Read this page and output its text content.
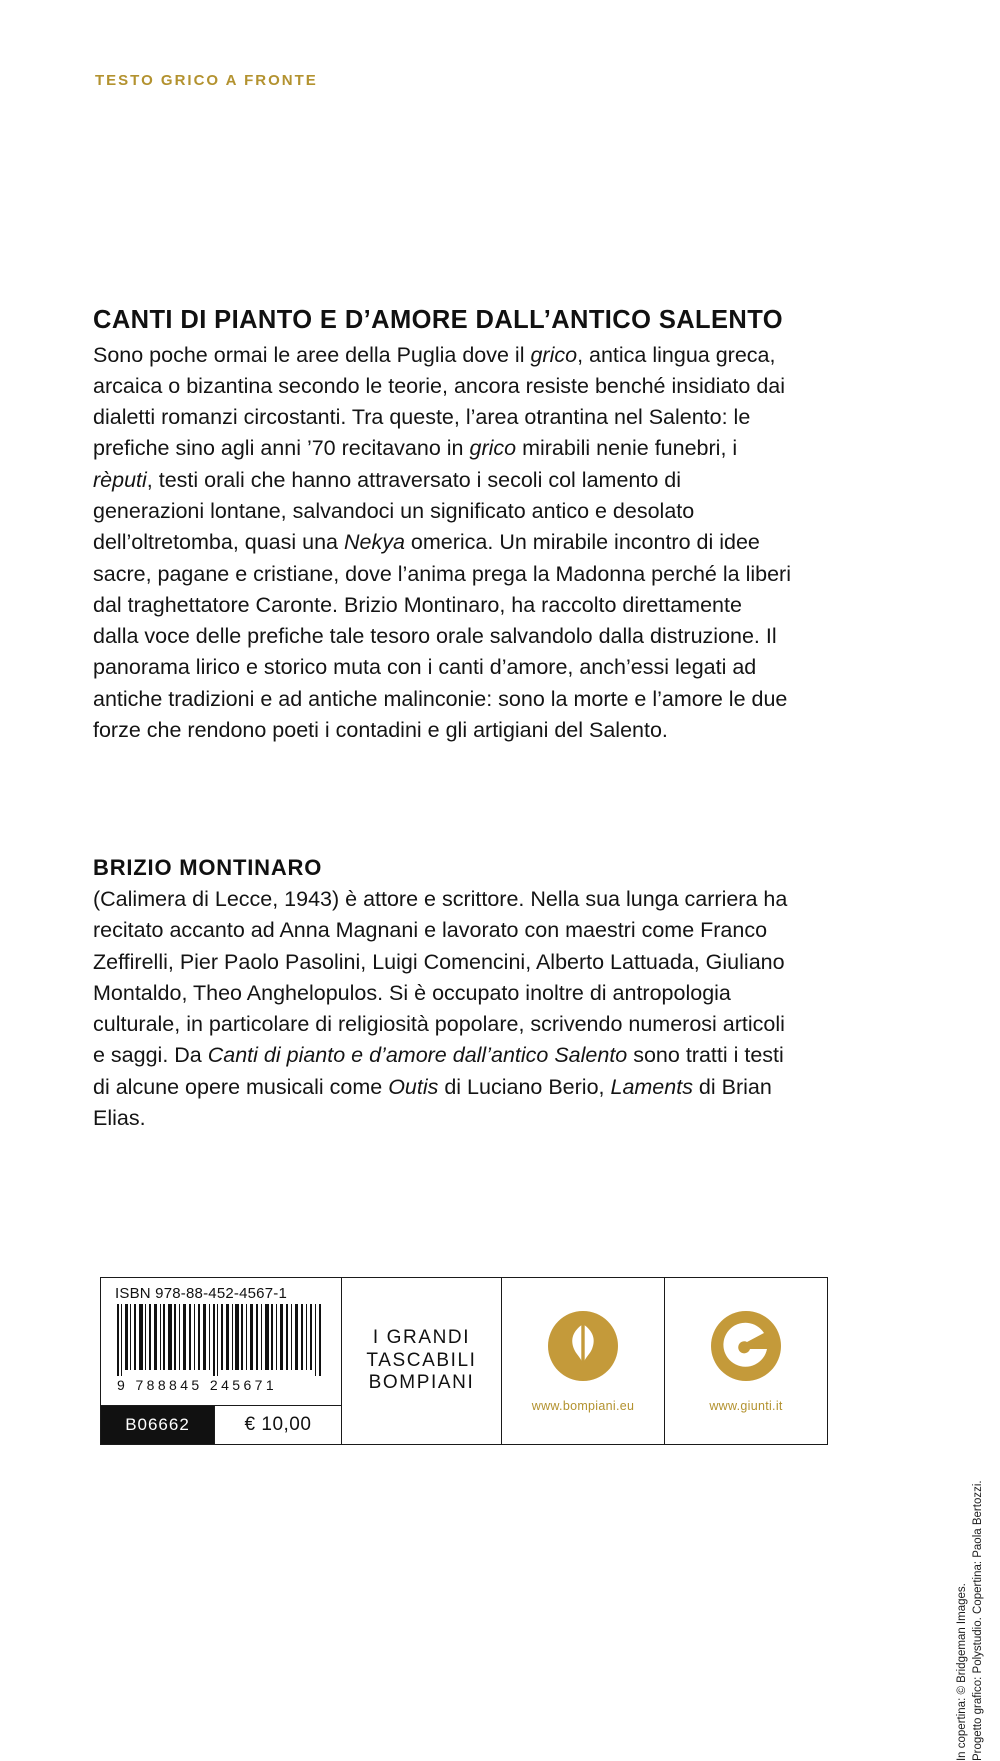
TESTO GRICO A FRONTE
CANTI DI PIANTO E D’AMORE DALL’ANTICO SALENTO

Sono poche ormai le aree della Puglia dove il grico, antica lingua greca, arcaica o bizantina secondo le teorie, ancora resiste benché insidiato dai dialetti romanzi circostanti. Tra queste, l’area otrantina nel Salento: le prefiche sino agli anni ’70 recitavano in grico mirabili nenie funebri, i rèputi, testi orali che hanno attraversato i secoli col lamento di generazioni lontane, salvandoci un significato antico e desolato dell’oltretomba, quasi una Nekya omerica. Un mirabile incontro di idee sacre, pagane e cristiane, dove l’anima prega la Madonna perché la liberi dal traghettatore Caronte. Brizio Montinaro, ha raccolto direttamente dalla voce delle prefiche tale tesoro orale salvandolo dalla distruzione. Il panorama lirico e storico muta con i canti d’amore, anch’essi legati ad antiche tradizioni e ad antiche malinconie: sono la morte e l’amore le due forze che rendono poeti i contadini e gli artigiani del Salento.

BRIZIO MONTINARO

(Calimera di Lecce, 1943) è attore e scrittore. Nella sua lunga carriera ha recitato accanto ad Anna Magnani e lavorato con maestri come Franco Zeffirelli, Pier Paolo Pasolini, Luigi Comencini, Alberto Lattuada, Giuliano Montaldo, Theo Anghelopulos. Si è occupato inoltre di antropologia culturale, in particolare di religiosità popolare, scrivendo numerosi articoli e saggi. Da Canti di pianto e d’amore dall’antico Salento sono tratti i testi di alcune opere musicali come Outis di Luciano Berio, Laments di Brian Elias.

ISBN 978-88-452-4567-1
9 788845 245671
B06662	€ 10,00
I GRANDI
TASCABILI
BOMPIANI
www.bompiani.eu	www.giunti.it
In copertina: © Bridgeman Images. Progetto grafico: Polystudio. Copertina: Paola Bertozzi.
